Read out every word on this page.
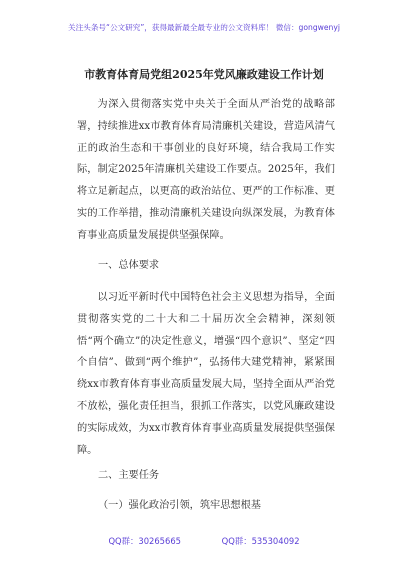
关注头条号“公文研究”，获得最新最全最专业的公文资料库！ 微信：gongwenyj
市教育体育局党组2025年党风廉政建设工作计划

为深入贯彻落实党中央关于全面从严治党的战略部署，持续推进xx市教育体育局清廉机关建设，营造风清气正的政治生态和干事创业的良好环境，结合我局工作实际，制定2025年清廉机关建设工作要点。2025年，我们将立足新起点，以更高的政治站位、更严的工作标准、更实的工作举措，推动清廉机关建设向纵深发展，为教育体育事业高质量发展提供坚强保障。

一、总体要求

以习近平新时代中国特色社会主义思想为指导，全面贯彻落实党的二十大和二十届历次全会精神，深刻领悟“两个确立”的决定性意义，增强“四个意识”、坚定“四个自信”、做到“两个维护”，弘扬伟大建党精神，紧紧围绕xx市教育体育事业高质量发展大局，坚持全面从严治党不放松，强化责任担当，狠抓工作落实，以党风廉政建设的实际成效，为xx市教育体育事业高质量发展提供坚强保障。

二、主要任务
（一）强化政治引领，筑牢思想根基
QQ群：30265665	QQ群：535304092
